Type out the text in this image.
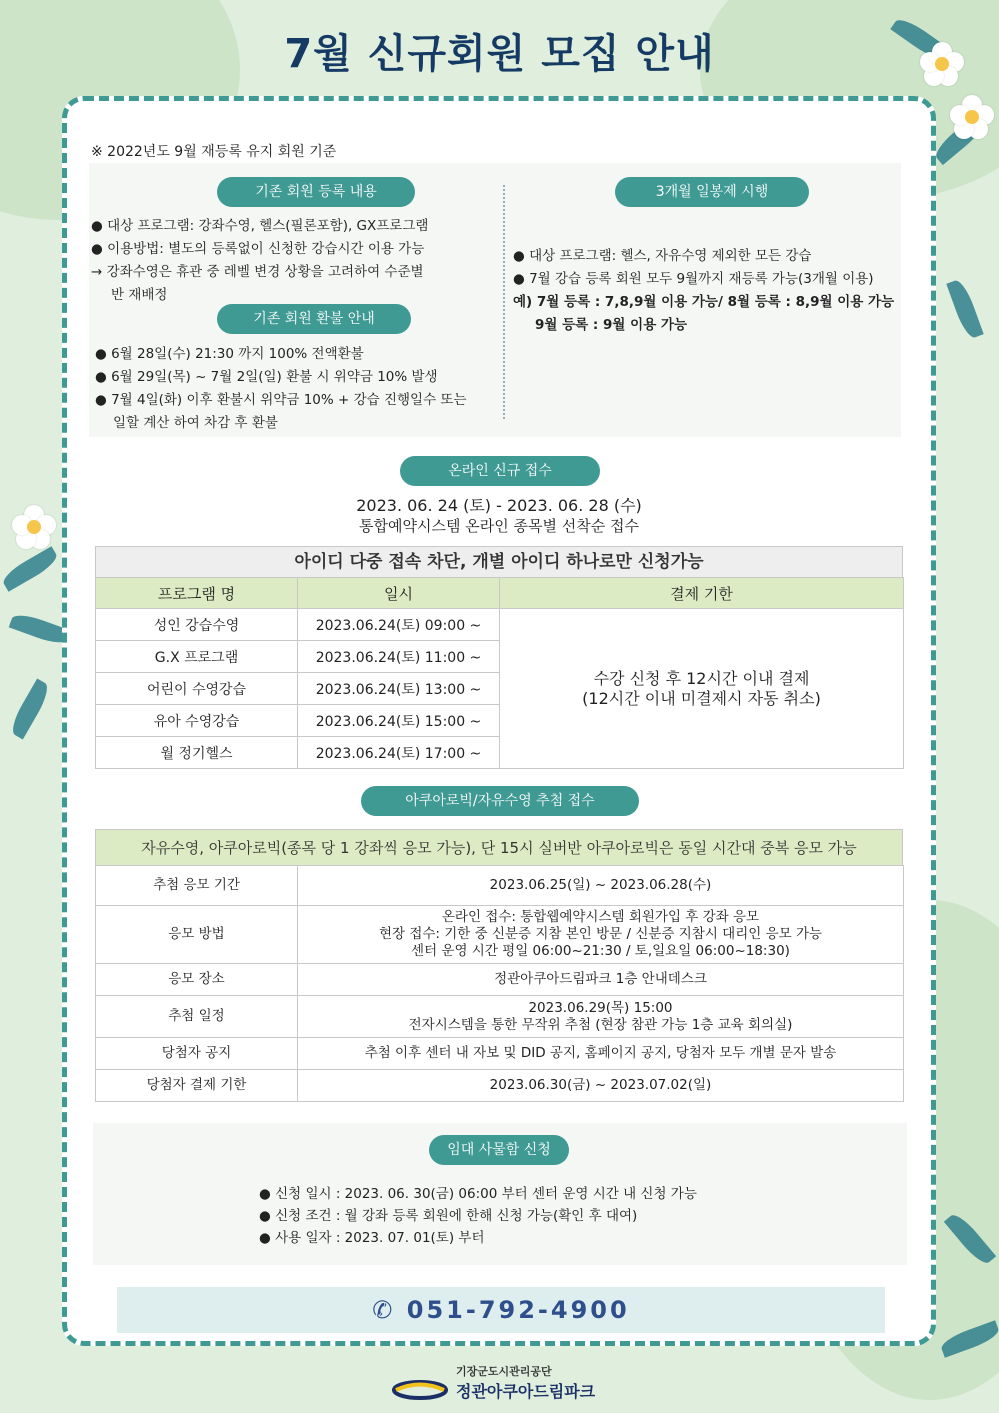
7월 신규회원 모집 안내
※ 2022년도 9월 재등록 유지 회원 기준
기존 회원 등록 내용
● 대상 프로그램: 강좌수영, 헬스(필론포함), GX프로그램
● 이용방법: 별도의 등록없이 신청한 강습시간 이용 가능
→ 강좌수영은 휴관 중 레벨 변경 상황을 고려하여 수준별
반 재배정
기존 회원 환불 안내
● 6월 28일(수) 21:30 까지 100% 전액환불
● 6월 29일(목) ~ 7월 2일(일) 환불 시 위약금 10% 발생
● 7월 4일(화) 이후 환불시 위약금 10% + 강습 진행일수 또는
일할 계산 하여 차감 후 환불
3개월 일봉제 시행
● 대상 프로그램: 헬스, 자유수영 제외한 모든 강습
● 7월 강습 등록 회원 모두 9월까지 재등록 가능(3개월 이용)
예) 7월 등록 : 7,8,9월 이용 가능/ 8월 등록 : 8,9월 이용 가능
9월 등록 : 9월 이용 가능
온라인 신규 접수
2023. 06. 24 (토) - 2023. 06. 28 (수)
통합예약시스템 온라인 종목별 선착순 접수
아이디 다중 접속 차단, 개별 아이디 하나로만 신청가능
프로그램 명	일시	결제 기한
성인 강습수영	2023.06.24(토) 09:00 ~	수강 신청 후 12시간 이내 결제
(12시간 이내 미결제시 자동 취소)

G.X 프로그램	2023.06.24(토) 11:00 ~	
어린이 수영강습	2023.06.24(토) 13:00 ~	
유아 수영강습	2023.06.24(토) 15:00 ~	
월 정기헬스	2023.06.24(토) 17:00 ~	
아쿠아로빅/자유수영 추첨 접수
자유수영, 아쿠아로빅(종목 당 1 강좌씩 응모 가능), 단 15시 실버반 아쿠아로빅은 동일 시간대 중복 응모 가능
추첨 응모 기간	2023.06.25(일) ~ 2023.06.28(수)

응모 방법	온라인 접수: 통합웹예약시스템 회원가입 후 강좌 응모
현장 접수: 기한 중 신분증 지참 본인 방문 / 신분증 지참시 대리인 응모 가능
센터 운영 시간 평일 06:00~21:30 / 토,일요일 06:00~18:30)

응모 장소	정관아쿠아드림파크 1층 안내데스크

추첨 일정	2023.06.29(목) 15:00
전자시스템을 통한 무작위 추첨 (현장 참관 가능 1층 교육 회의실)

당첨자 공지	추첨 이후 센터 내 자보 및 DID 공지, 홈페이지 공지, 당첨자 모두 개별 문자 발송

당첨자 결제 기한	2023.06.30(금) ~ 2023.07.02(일)
임대 사물함 신청
● 신청 일시 : 2023. 06. 30(금) 06:00 부터 센터 운영 시간 내 신청 가능
● 신청 조건 : 월 강좌 등록 회원에 한해 신청 가능(확인 후 대여)
● 사용 일자 : 2023. 07. 01(토) 부터
✆ 051-792-4900
기장군도시관리공단
정관아쿠아드림파크
